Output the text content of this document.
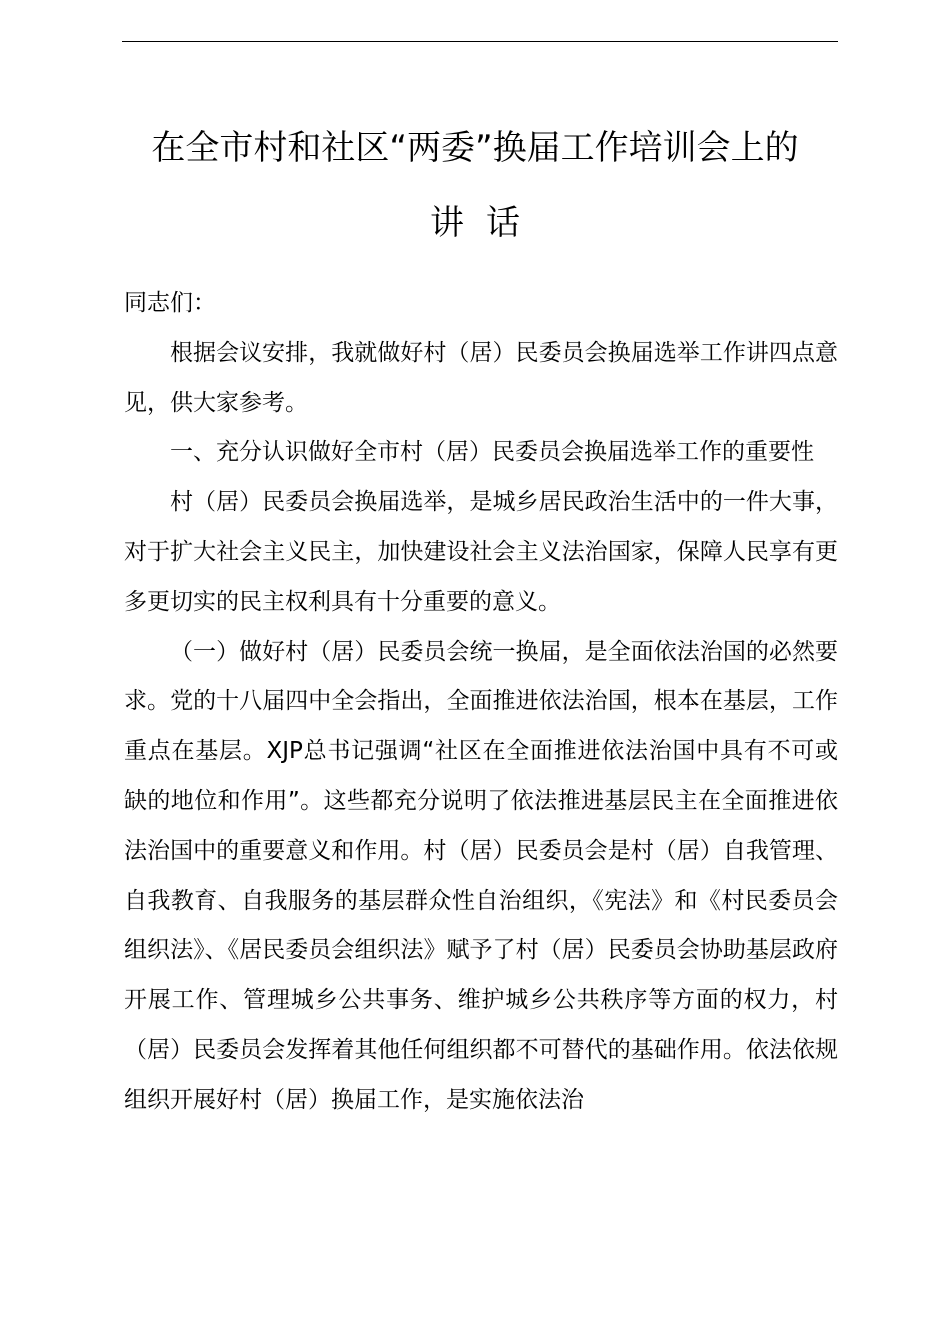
在全市村和社区“两委”换届工作培训会上的
讲话

同志们：

根据会议安排，我就做好村（居）民委员会换届选举工作讲四点意见，供大家参考。

一、充分认识做好全市村（居）民委员会换届选举工作的重要性

村（居）民委员会换届选举，是城乡居民政治生活中的一件大事，对于扩大社会主义民主，加快建设社会主义法治国家，保障人民享有更多更切实的民主权利具有十分重要的意义。

（一）做好村（居）民委员会统一换届，是全面依法治国的必然要求。党的十八届四中全会指出，全面推进依法治国，根本在基层，工作重点在基层。XJP总书记强调“社区在全面推进依法治国中具有不可或缺的地位和作用”。这些都充分说明了依法推进基层民主在全面推进依法治国中的重要意义和作用。村（居）民委员会是村（居）自我管理、自我教育、自我服务的基层群众性自治组织，《宪法》和《村民委员会组织法》、《居民委员会组织法》赋予了村（居）民委员会协助基层政府开展工作、管理城乡公共事务、维护城乡公共秩序等方面的权力，村（居）民委员会发挥着其他任何组织都不可替代的基础作用。依法依规组织开展好村（居）换届工作，是实施依法治
